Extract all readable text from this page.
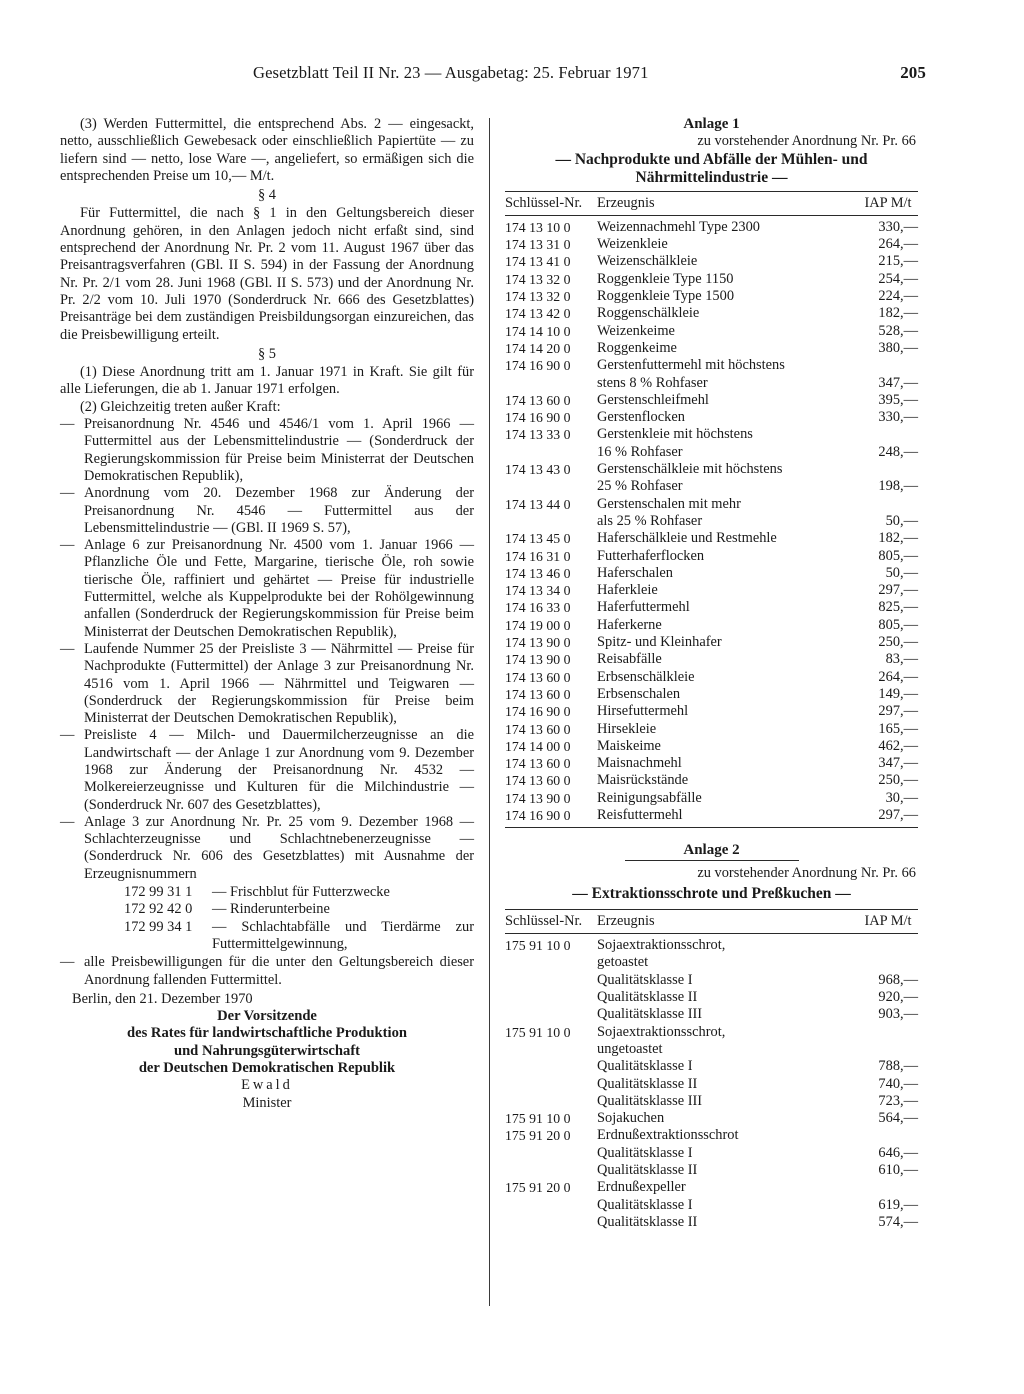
Gesetzblatt Teil II Nr. 23 — Ausgabetag: 25. Februar 1971	205

(3) Werden Futtermittel, die entsprechend Abs. 2 — eingesackt, netto, ausschließlich Gewebesack oder einschließlich Papiertüte — zu liefern sind — netto, lose Ware —, angeliefert, so ermäßigen sich die entsprechenden Preise um 10,— M/t.

§ 4

Für Futtermittel, die nach § 1 in den Geltungsbereich dieser Anordnung gehören, in den Anlagen jedoch nicht erfaßt sind, sind entsprechend der Anordnung Nr. Pr. 2 vom 11. August 1967 über das Preisantragsverfahren (GBl. II S. 594) in der Fassung der Anordnung Nr. Pr. 2/1 vom 28. Juni 1968 (GBl. II S. 573) und der Anordnung Nr. Pr. 2/2 vom 10. Juli 1970 (Sonderdruck Nr. 666 des Gesetzblattes) Preisanträge bei dem zuständigen Preisbildungsorgan einzureichen, das die Preisbewilligung erteilt.

§ 5

(1) Diese Anordnung tritt am 1. Januar 1971 in Kraft. Sie gilt für alle Lieferungen, die ab 1. Januar 1971 erfolgen.

(2) Gleichzeitig treten außer Kraft:

— Preisanordnung Nr. 4546 und 4546/1 vom 1. April 1966 — Futtermittel aus der Lebensmittelindustrie — (Sonderdruck der Regierungskommission für Preise beim Ministerrat der Deutschen Demokratischen Republik),
— Anordnung vom 20. Dezember 1968 zur Änderung der Preisanordnung Nr. 4546 — Futtermittel aus der Lebensmittelindustrie — (GBl. II 1969 S. 57),
— Anlage 6 zur Preisanordnung Nr. 4500 vom 1. Januar 1966 — Pflanzliche Öle und Fette, Margarine, tierische Öle, roh sowie tierische Öle, raffiniert und gehärtet — Preise für industrielle Futtermittel, welche als Kuppelprodukte bei der Rohölgewinnung anfallen (Sonderdruck der Regierungskommission für Preise beim Ministerrat der Deutschen Demokratischen Republik),
— Laufende Nummer 25 der Preisliste 3 — Nährmittel — Preise für Nachprodukte (Futtermittel) der Anlage 3 zur Preisanordnung Nr. 4516 vom 1. April 1966 — Nährmittel und Teigwaren — (Sonderdruck der Regierungskommission für Preise beim Ministerrat der Deutschen Demokratischen Republik),
— Preisliste 4 — Milch- und Dauermilcherzeugnisse an die Landwirtschaft — der Anlage 1 zur Anordnung vom 9. Dezember 1968 zur Änderung der Preisanordnung Nr. 4532 — Molkereierzeugnisse und Kulturen für die Milchindustrie — (Sonderdruck Nr. 607 des Gesetzblattes),
— Anlage 3 zur Anordnung Nr. Pr. 25 vom 9. Dezember 1968 — Schlachterzeugnisse und Schlachtnebenerzeugnisse — (Sonderdruck Nr. 606 des Gesetzblattes) mit Ausnahme der Erzeugnisnummern
172 99 31 1	— Frischblut für Futterzwecke
172 92 42 0	— Rinderunterbeine
172 99 34 1	— Schlachtabfälle und Tierdärme zur Futtermittelgewinnung,
— alle Preisbewilligungen für die unter den Geltungsbereich dieser Anordnung fallenden Futtermittel.
Berlin, den 21. Dezember 1970
Der Vorsitzende
des Rates für landwirtschaftliche Produktion
und Nahrungsgüterwirtschaft
der Deutschen Demokratischen Republik
Ewald
Minister
Anlage 1
zu vorstehender Anordnung Nr. Pr. 66
— Nachprodukte und Abfälle der Mühlen- und Nährmittelindustrie —
Schlüssel-Nr.	Erzeugnis	IAP M/t
174 13 10 0	Weizennachmehl Type 2300	330,—
174 13 31 0	Weizenkleie	264,—
174 13 41 0	Weizenschälkleie	215,—
174 13 32 0	Roggenkleie Type 1150	254,—
174 13 32 0	Roggenkleie Type 1500	224,—
174 13 42 0	Roggenschälkleie	182,—
174 14 10 0	Weizenkeime	528,—
174 14 20 0	Roggenkeime	380,—
174 16 90 0	Gerstenfuttermehl mit höchstens
stens 8 % Rohfaser	347,—
174 13 60 0	Gerstenschleifmehl	395,—
174 16 90 0	Gerstenflocken	330,—
174 13 33 0	Gerstenkleie mit höchstens
16 % Rohfaser	248,—
174 13 43 0	Gerstenschälkleie mit höchstens
25 % Rohfaser	198,—
174 13 44 0	Gerstenschalen mit mehr
als 25 % Rohfaser	50,—
174 13 45 0	Haferschälkleie und Restmehle	182,—
174 16 31 0	Futterhaferflocken	805,—
174 13 46 0	Haferschalen	50,—
174 13 34 0	Haferkleie	297,—
174 16 33 0	Haferfuttermehl	825,—
174 19 00 0	Haferkerne	805,—
174 13 90 0	Spitz- und Kleinhafer	250,—
174 13 90 0	Reisabfälle	83,—
174 13 60 0	Erbsenschälkleie	264,—
174 13 60 0	Erbsenschalen	149,—
174 16 90 0	Hirsefuttermehl	297,—
174 13 60 0	Hirsekleie	165,—
174 14 00 0	Maiskeime	462,—
174 13 60 0	Maisnachmehl	347,—
174 13 60 0	Maisrückstände	250,—
174 13 90 0	Reinigungsabfälle	30,—
174 16 90 0	Reisfuttermehl	297,—
Anlage 2
zu vorstehender Anordnung Nr. Pr. 66
— Extraktionsschrote und Preßkuchen —
Schlüssel-Nr.	Erzeugnis	IAP M/t
175 91 10 0	Sojaextraktionsschrot,
getoastet
Qualitätsklasse I	968,—
Qualitätsklasse II	920,—
Qualitätsklasse III	903,—
175 91 10 0	Sojaextraktionsschrot,
ungetoastet
Qualitätsklasse I	788,—
Qualitätsklasse II	740,—
Qualitätsklasse III	723,—
175 91 10 0	Sojakuchen	564,—
175 91 20 0	Erdnußextraktionsschrot
Qualitätsklasse I	646,—
Qualitätsklasse II	610,—
175 91 20 0	Erdnußexpeller
Qualitätsklasse I	619,—
Qualitätsklasse II	574,—
